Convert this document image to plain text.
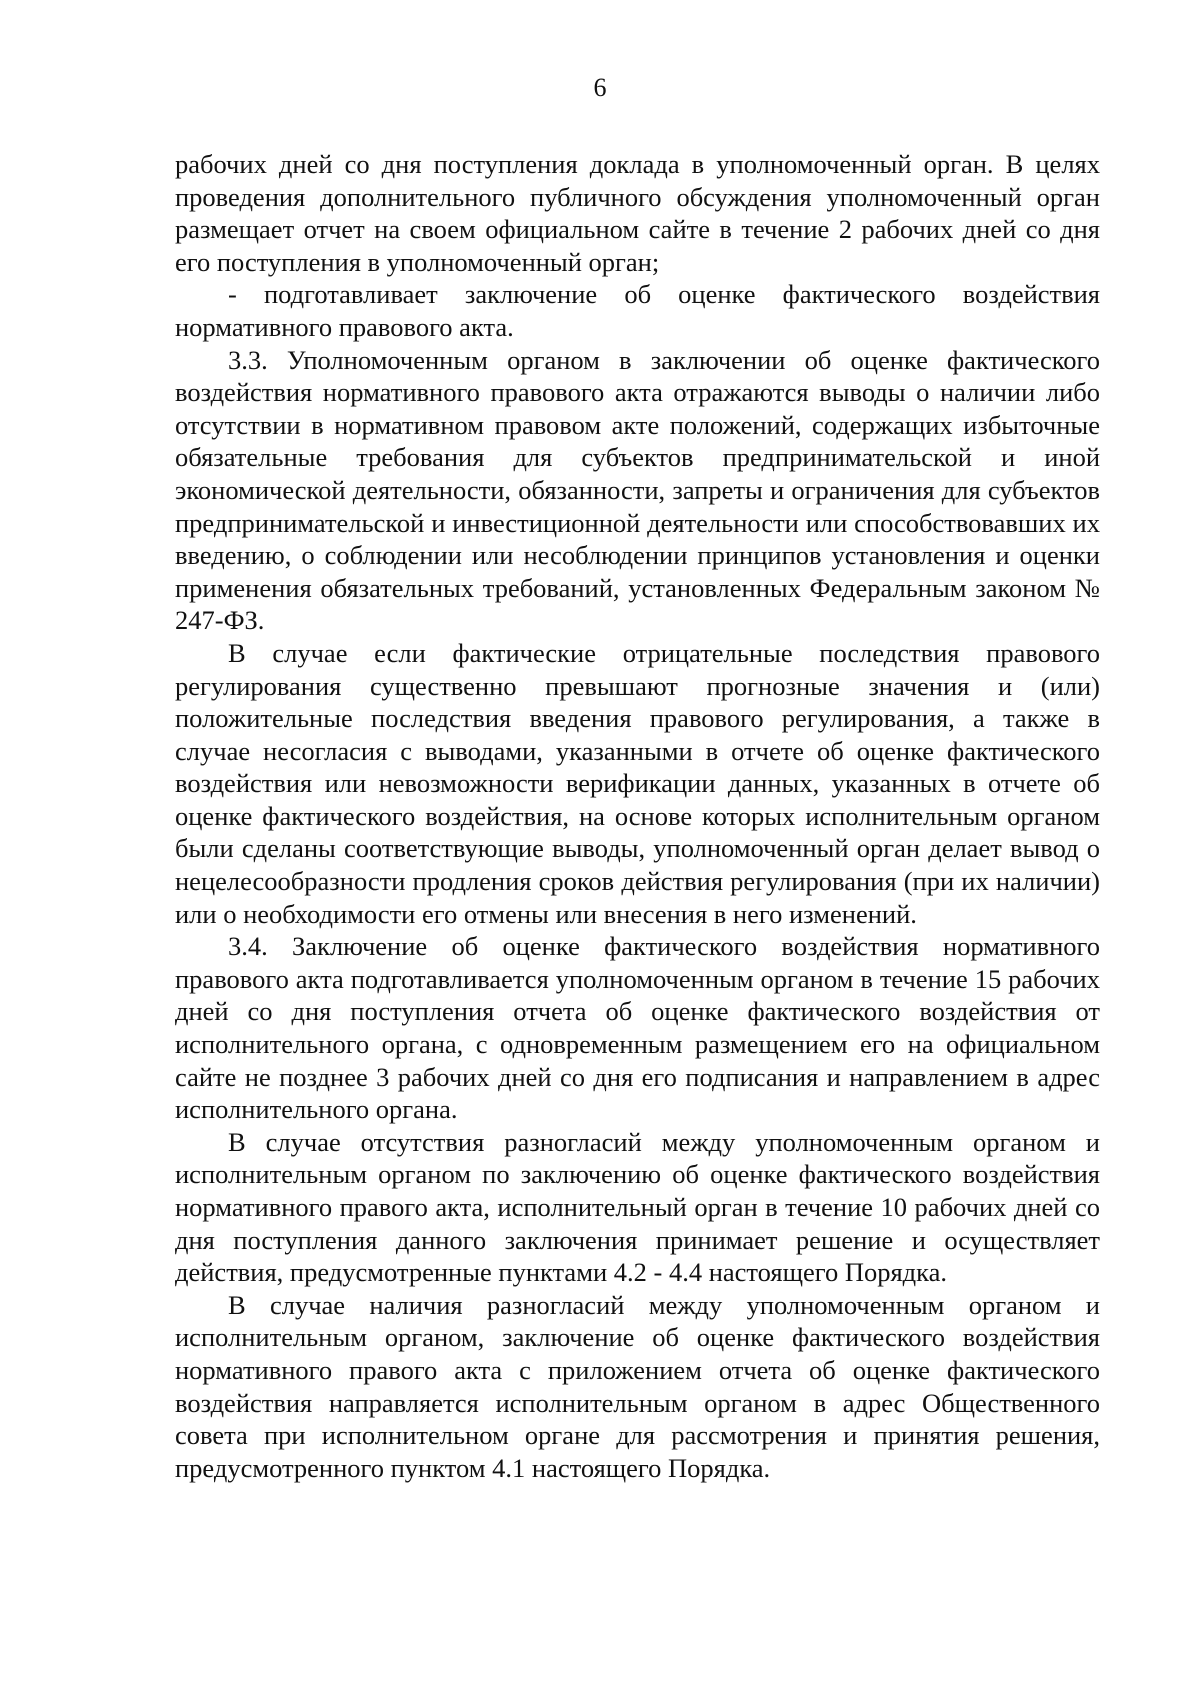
6

рабочих дней со дня поступления доклада в уполномоченный орган. В целях проведения дополнительного публичного обсуждения уполномоченный орган размещает отчет на своем официальном сайте в течение 2 рабочих дней со дня его поступления в уполномоченный орган;

- подготавливает заключение об оценке фактического воздействия нормативного правового акта.

3.3. Уполномоченным органом в заключении об оценке фактического воздействия нормативного правового акта отражаются выводы о наличии либо отсутствии в нормативном правовом акте положений, содержащих избыточные обязательные требования для субъектов предпринимательской и иной экономической деятельности, обязанности, запреты и ограничения для субъектов предпринимательской и инвестиционной деятельности или способствовавших их введению, о соблюдении или несоблюдении принципов установления и оценки применения обязательных требований, установленных Федеральным законом № 247-ФЗ.

В случае если фактические отрицательные последствия правового регулирования существенно превышают прогнозные значения и (или) положительные последствия введения правового регулирования, а также в случае несогласия с выводами, указанными в отчете об оценке фактического воздействия или невозможности верификации данных, указанных в отчете об оценке фактического воздействия, на основе которых исполнительным органом были сделаны соответствующие выводы, уполномоченный орган делает вывод о нецелесообразности продления сроков действия регулирования (при их наличии) или о необходимости его отмены или внесения в него изменений.

3.4. Заключение об оценке фактического воздействия нормативного правового акта подготавливается уполномоченным органом в течение 15 рабочих дней со дня поступления отчета об оценке фактического воздействия от исполнительного органа, с одновременным размещением его на официальном сайте не позднее 3 рабочих дней со дня его подписания и направлением в адрес исполнительного органа.

В случае отсутствия разногласий между уполномоченным органом и исполнительным органом по заключению об оценке фактического воздействия нормативного правого акта, исполнительный орган в течение 10 рабочих дней со дня поступления данного заключения принимает решение и осуществляет действия, предусмотренные пунктами 4.2 - 4.4 настоящего Порядка.

В случае наличия разногласий между уполномоченным органом и исполнительным органом, заключение об оценке фактического воздействия нормативного правого акта с приложением отчета об оценке фактического воздействия направляется исполнительным органом в адрес Общественного совета при исполнительном органе для рассмотрения и принятия решения, предусмотренного пунктом 4.1 настоящего Порядка.
